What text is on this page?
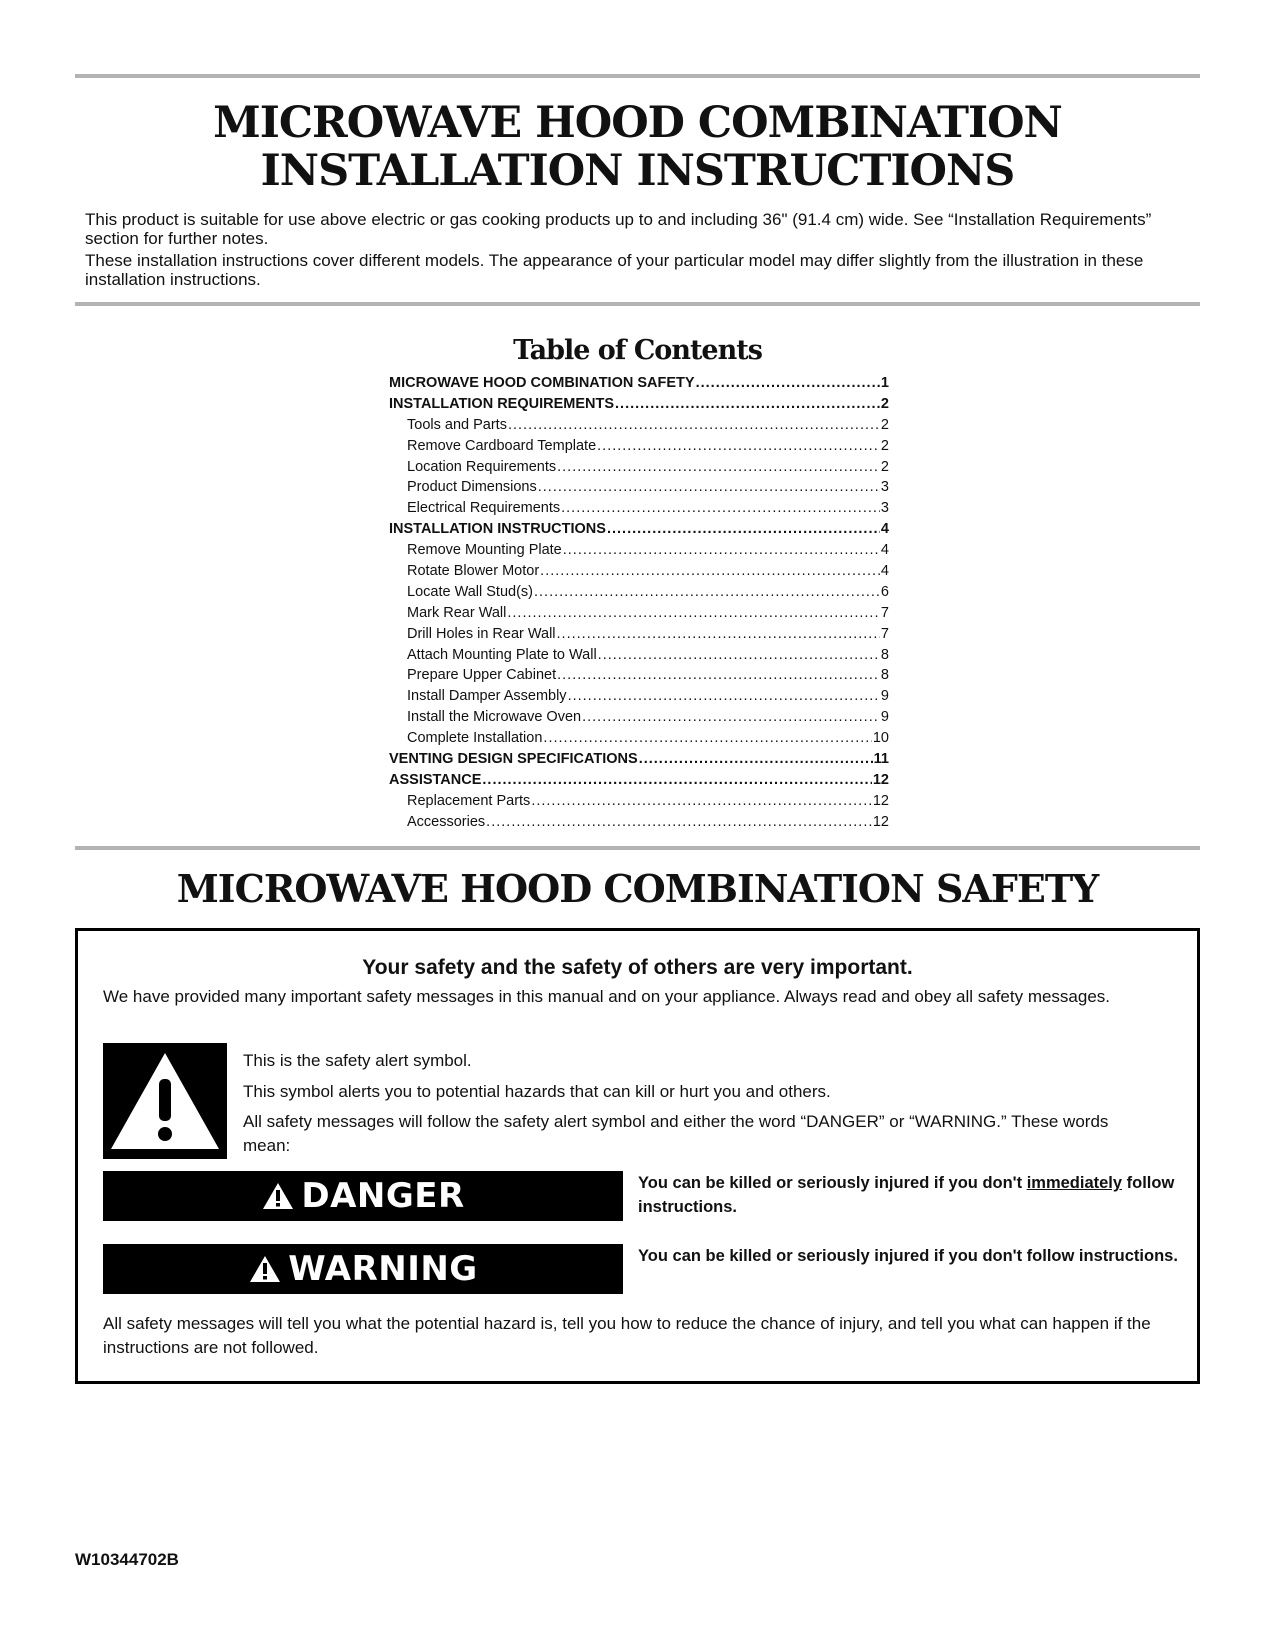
MICROWAVE HOOD COMBINATION
INSTALLATION INSTRUCTIONS

This product is suitable for use above electric or gas cooking products up to and including 36" (91.4 cm) wide. See “Installation Requirements” section for further notes.

These installation instructions cover different models. The appearance of your particular model may differ slightly from the illustration in these installation instructions.

Table of Contents
MICROWAVE HOOD COMBINATION SAFETY .....	1
INSTALLATION REQUIREMENTS .....	2
Tools and Parts .....	2
Remove Cardboard Template .....	2
Location Requirements .....	2
Product Dimensions .....	3
Electrical Requirements .....	3
INSTALLATION INSTRUCTIONS .....	4
Remove Mounting Plate .....	4
Rotate Blower Motor .....	4
Locate Wall Stud(s) .....	6
Mark Rear Wall .....	7
Drill Holes in Rear Wall .....	7
Attach Mounting Plate to Wall .....	8
Prepare Upper Cabinet .....	8
Install Damper Assembly .....	9
Install the Microwave Oven .....	9
Complete Installation .....	10
VENTING DESIGN SPECIFICATIONS .....	11
ASSISTANCE .....	12
Replacement Parts .....	12
Accessories .....	12
MICROWAVE HOOD COMBINATION SAFETY

Your safety and the safety of others are very important.

We have provided many important safety messages in this manual and on your appliance. Always read and obey all safety messages.

This is the safety alert symbol.

This symbol alerts you to potential hazards that can kill or hurt you and others.

All safety messages will follow the safety alert symbol and either the word “DANGER” or “WARNING.” These words mean:

DANGER	You can be killed or seriously injured if you don't immediately follow instructions.

WARNING	You can be killed or seriously injured if you don't follow instructions.

All safety messages will tell you what the potential hazard is, tell you how to reduce the chance of injury, and tell you what can happen if the instructions are not followed.

W10344702B
